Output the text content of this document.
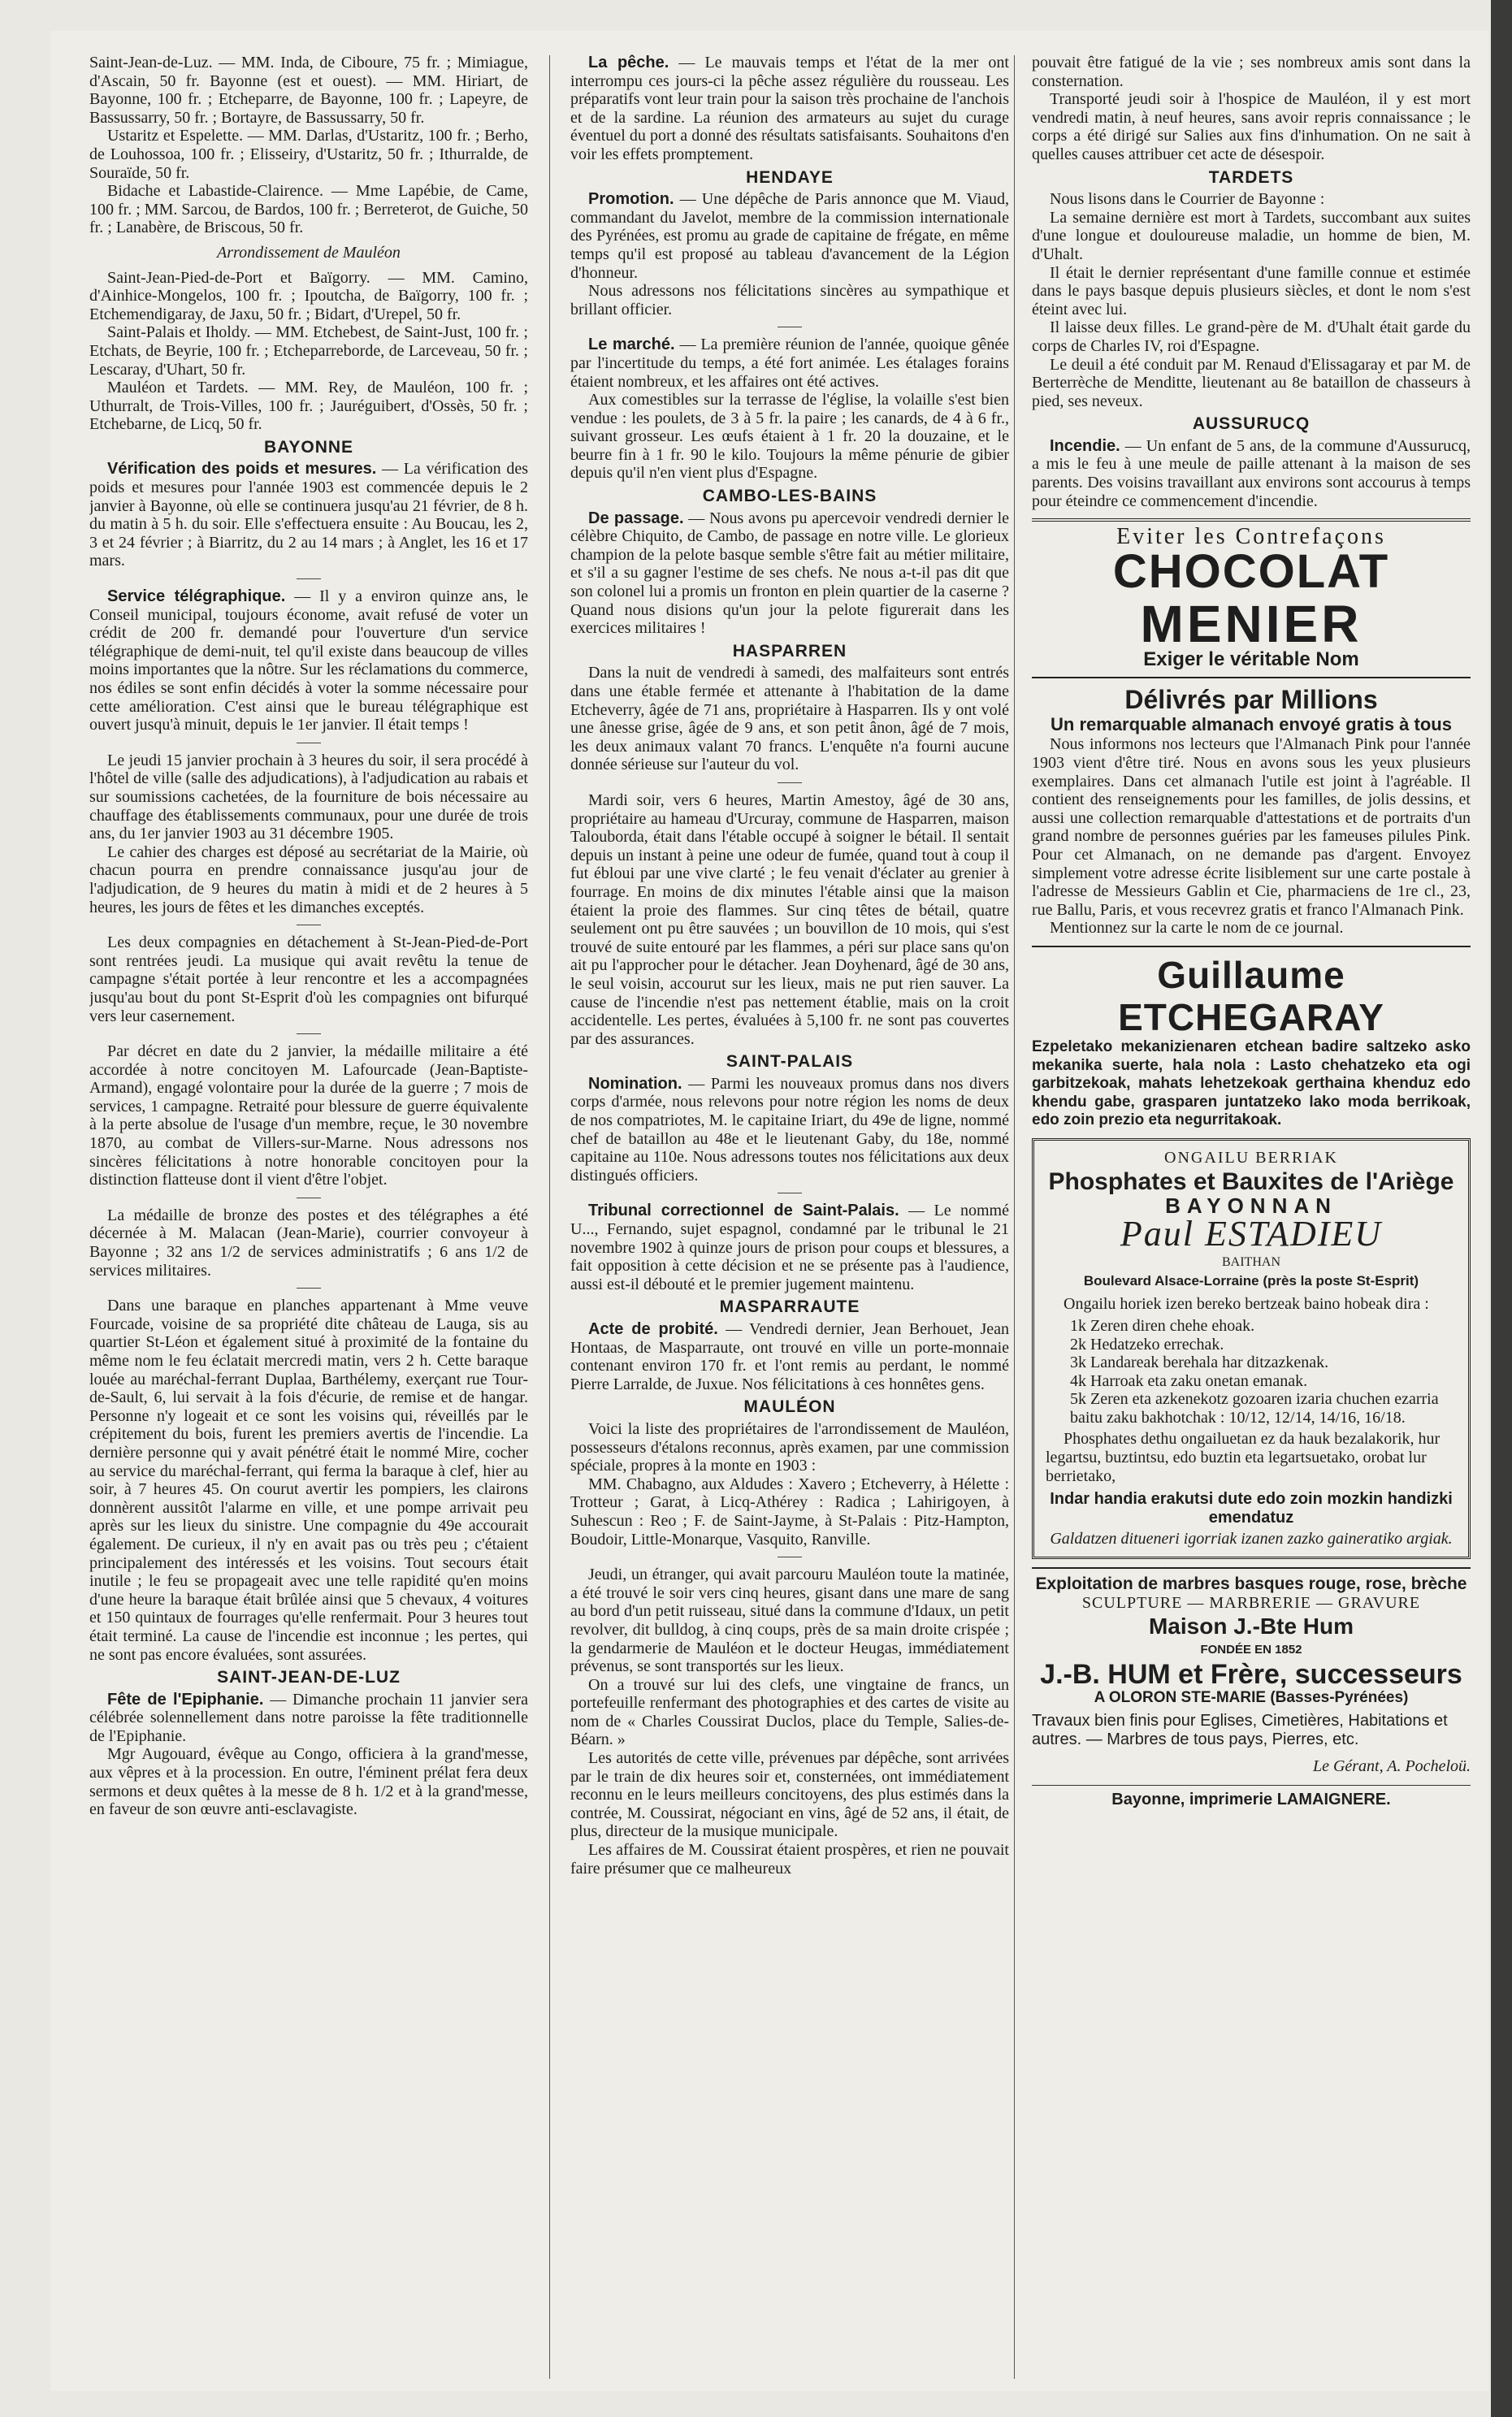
Saint-Jean-de-Luz. — MM. Inda, de Ciboure, 75 fr. ; Mimiague, d'Ascain, 50 fr. Bayonne (est et ouest). — MM. Hiriart, de Bayonne, 100 fr. ; Etcheparre, de Bayonne, 100 fr. ; Lapeyre, de Bassussarry, 50 fr. ; Bortayre, de Bassussarry, 50 fr.

Ustaritz et Espelette. — MM. Darlas, d'Ustaritz, 100 fr. ; Berho, de Louhossoa, 100 fr. ; Elisseiry, d'Ustaritz, 50 fr. ; Ithurralde, de Souraïde, 50 fr.

Bidache et Labastide-Clairence. — Mme Lapébie, de Came, 100 fr. ; MM. Sarcou, de Bardos, 100 fr. ; Berreterot, de Guiche, 50 fr. ; Lanabère, de Briscous, 50 fr.

Arrondissement de Mauléon

Saint-Jean-Pied-de-Port et Baïgorry. — MM. Camino, d'Ainhice-Mongelos, 100 fr. ; Ipoutcha, de Baïgorry, 100 fr. ; Etchemendigaray, de Jaxu, 50 fr. ; Bidart, d'Urepel, 50 fr.

Saint-Palais et Iholdy. — MM. Etchebest, de Saint-Just, 100 fr. ; Etchats, de Beyrie, 100 fr. ; Etcheparreborde, de Larceveau, 50 fr. ; Lescaray, d'Uhart, 50 fr.

Mauléon et Tardets. — MM. Rey, de Mauléon, 100 fr. ; Uthurralt, de Trois-Villes, 100 fr. ; Jauréguibert, d'Ossès, 50 fr. ; Etchebarne, de Licq, 50 fr.

BAYONNE

Vérification des poids et mesures. — La vérification des poids et mesures pour l'année 1903 est commencée depuis le 2 janvier à Bayonne, où elle se continuera jusqu'au 21 février, de 8 h. du matin à 5 h. du soir. Elle s'effectuera ensuite : Au Boucau, les 2, 3 et 24 février ; à Biarritz, du 2 au 14 mars ; à Anglet, les 16 et 17 mars.

Service télégraphique. — Il y a environ quinze ans, le Conseil municipal, toujours économe, avait refusé de voter un crédit de 200 fr. demandé pour l'ouverture d'un service télégraphique de demi-nuit, tel qu'il existe dans beaucoup de villes moins importantes que la nôtre. Sur les réclamations du commerce, nos édiles se sont enfin décidés à voter la somme nécessaire pour cette amélioration. C'est ainsi que le bureau télégraphique est ouvert jusqu'à minuit, depuis le 1er janvier. Il était temps !

Le jeudi 15 janvier prochain à 3 heures du soir, il sera procédé à l'hôtel de ville (salle des adjudications), à l'adjudication au rabais et sur soumissions cachetées, de la fourniture de bois nécessaire au chauffage des établissements communaux, pour une durée de trois ans, du 1er janvier 1903 au 31 décembre 1905.

Le cahier des charges est déposé au secrétariat de la Mairie, où chacun pourra en prendre connaissance jusqu'au jour de l'adjudication, de 9 heures du matin à midi et de 2 heures à 5 heures, les jours de fêtes et les dimanches exceptés.

Les deux compagnies en détachement à St-Jean-Pied-de-Port sont rentrées jeudi. La musique qui avait revêtu la tenue de campagne s'était portée à leur rencontre et les a accompagnées jusqu'au bout du pont St-Esprit d'où les compagnies ont bifurqué vers leur casernement.

Par décret en date du 2 janvier, la médaille militaire a été accordée à notre concitoyen M. Lafourcade (Jean-Baptiste-Armand), engagé volontaire pour la durée de la guerre ; 7 mois de services, 1 campagne. Retraité pour blessure de guerre équivalente à la perte absolue de l'usage d'un membre, reçue, le 30 novembre 1870, au combat de Villers-sur-Marne. Nous adressons nos sincères félicitations à notre honorable concitoyen pour la distinction flatteuse dont il vient d'être l'objet.

La médaille de bronze des postes et des télégraphes a été décernée à M. Malacan (Jean-Marie), courrier convoyeur à Bayonne ; 32 ans 1/2 de services administratifs ; 6 ans 1/2 de services militaires.

Dans une baraque en planches appartenant à Mme veuve Fourcade, voisine de sa propriété dite château de Lauga, sis au quartier St-Léon et également situé à proximité de la fontaine du même nom le feu éclatait mercredi matin, vers 2 h. Cette baraque louée au maréchal-ferrant Duplaa, Barthélemy, exerçant rue Tour-de-Sault, 6, lui servait à la fois d'écurie, de remise et de hangar. Personne n'y logeait et ce sont les voisins qui, réveillés par le crépitement du bois, furent les premiers avertis de l'incendie. La dernière personne qui y avait pénétré était le nommé Mire, cocher au service du maréchal-ferrant, qui ferma la baraque à clef, hier au soir, à 7 heures 45. On courut avertir les pompiers, les clairons donnèrent aussitôt l'alarme en ville, et une pompe arrivait peu après sur les lieux du sinistre. Une compagnie du 49e accourait également. De curieux, il n'y en avait pas ou très peu ; c'étaient principalement des intéressés et les voisins. Tout secours était inutile ; le feu se propageait avec une telle rapidité qu'en moins d'une heure la baraque était brûlée ainsi que 5 chevaux, 4 voitures et 150 quintaux de fourrages qu'elle renfermait. Pour 3 heures tout était terminé. La cause de l'incendie est inconnue ; les pertes, qui ne sont pas encore évaluées, sont assurées.

SAINT-JEAN-DE-LUZ

Fête de l'Epiphanie. — Dimanche prochain 11 janvier sera célébrée solennellement dans notre paroisse la fête traditionnelle de l'Epiphanie.

Mgr Augouard, évêque au Congo, officiera à la grand'messe, aux vêpres et à la procession. En outre, l'éminent prélat fera deux sermons et deux quêtes à la messe de 8 h. 1/2 et à la grand'messe, en faveur de son œuvre anti-esclavagiste.

La pêche. — Le mauvais temps et l'état de la mer ont interrompu ces jours-ci la pêche assez régulière du rousseau. Les préparatifs vont leur train pour la saison très prochaine de l'anchois et de la sardine. La réunion des armateurs au sujet du curage éventuel du port a donné des résultats satisfaisants. Souhaitons d'en voir les effets promptement.

HENDAYE

Promotion. — Une dépêche de Paris annonce que M. Viaud, commandant du Javelot, membre de la commission internationale des Pyrénées, est promu au grade de capitaine de frégate, en même temps qu'il est proposé au tableau d'avancement de la Légion d'honneur.

Nous adressons nos félicitations sincères au sympathique et brillant officier.

Le marché. — La première réunion de l'année, quoique gênée par l'incertitude du temps, a été fort animée. Les étalages forains étaient nombreux, et les affaires ont été actives.

Aux comestibles sur la terrasse de l'église, la volaille s'est bien vendue : les poulets, de 3 à 5 fr. la paire ; les canards, de 4 à 6 fr., suivant grosseur. Les œufs étaient à 1 fr. 20 la douzaine, et le beurre fin à 1 fr. 90 le kilo. Toujours la même pénurie de gibier depuis qu'il n'en vient plus d'Espagne.

CAMBO-LES-BAINS

De passage. — Nous avons pu apercevoir vendredi dernier le célèbre Chiquito, de Cambo, de passage en notre ville. Le glorieux champion de la pelote basque semble s'être fait au métier militaire, et s'il a su gagner l'estime de ses chefs. Ne nous a-t-il pas dit que son colonel lui a promis un fronton en plein quartier de la caserne ? Quand nous disions qu'un jour la pelote figurerait dans les exercices militaires !

HASPARREN

Dans la nuit de vendredi à samedi, des malfaiteurs sont entrés dans une étable fermée et attenante à l'habitation de la dame Etcheverry, âgée de 71 ans, propriétaire à Hasparren. Ils y ont volé une ânesse grise, âgée de 9 ans, et son petit ânon, âgé de 7 mois, les deux animaux valant 70 francs. L'enquête n'a fourni aucune donnée sérieuse sur l'auteur du vol.

Mardi soir, vers 6 heures, Martin Amestoy, âgé de 30 ans, propriétaire au hameau d'Urcuray, commune de Hasparren, maison Talouborda, était dans l'étable occupé à soigner le bétail. Il sentait depuis un instant à peine une odeur de fumée, quand tout à coup il fut ébloui par une vive clarté ; le feu venait d'éclater au grenier à fourrage. En moins de dix minutes l'étable ainsi que la maison étaient la proie des flammes. Sur cinq têtes de bétail, quatre seulement ont pu être sauvées ; un bouvillon de 10 mois, qui s'est trouvé de suite entouré par les flammes, a péri sur place sans qu'on ait pu l'approcher pour le détacher. Jean Doyhenard, âgé de 30 ans, le seul voisin, accourut sur les lieux, mais ne put rien sauver. La cause de l'incendie n'est pas nettement établie, mais on la croit accidentelle. Les pertes, évaluées à 5,100 fr. ne sont pas couvertes par des assurances.

SAINT-PALAIS

Nomination. — Parmi les nouveaux promus dans nos divers corps d'armée, nous relevons pour notre région les noms de deux de nos compatriotes, M. le capitaine Iriart, du 49e de ligne, nommé chef de bataillon au 48e et le lieutenant Gaby, du 18e, nommé capitaine au 110e. Nous adressons toutes nos félicitations aux deux distingués officiers.

Tribunal correctionnel de Saint-Palais. — Le nommé U..., Fernando, sujet espagnol, condamné par le tribunal le 21 novembre 1902 à quinze jours de prison pour coups et blessures, a fait opposition à cette décision et ne se présente pas à l'audience, aussi est-il débouté et le premier jugement maintenu.

MASPARRAUTE

Acte de probité. — Vendredi dernier, Jean Berhouet, Jean Hontaas, de Masparraute, ont trouvé en ville un porte-monnaie contenant environ 170 fr. et l'ont remis au perdant, le nommé Pierre Larralde, de Juxue. Nos félicitations à ces honnêtes gens.

MAULÉON

Voici la liste des propriétaires de l'arrondissement de Mauléon, possesseurs d'étalons reconnus, après examen, par une commission spéciale, propres à la monte en 1903 :

MM. Chabagno, aux Aldudes : Xavero ; Etcheverry, à Hélette : Trotteur ; Garat, à Licq-Athérey : Radica ; Lahirigoyen, à Suhescun : Reo ; F. de Saint-Jayme, à St-Palais : Pitz-Hampton, Boudoir, Little-Monarque, Vasquito, Ranville.

Jeudi, un étranger, qui avait parcouru Mauléon toute la matinée, a été trouvé le soir vers cinq heures, gisant dans une mare de sang au bord d'un petit ruisseau, situé dans la commune d'Idaux, un petit revolver, dit bulldog, à cinq coups, près de sa main droite crispée ; la gendarmerie de Mauléon et le docteur Heugas, immédiatement prévenus, se sont transportés sur les lieux.

On a trouvé sur lui des clefs, une vingtaine de francs, un portefeuille renfermant des photographies et des cartes de visite au nom de « Charles Coussirat Duclos, place du Temple, Salies-de-Béarn. »

Les autorités de cette ville, prévenues par dépêche, sont arrivées par le train de dix heures soir et, consternées, ont immédiatement reconnu en le leurs meilleurs concitoyens, des plus estimés dans la contrée, M. Coussirat, négociant en vins, âgé de 52 ans, il était, de plus, directeur de la musique municipale.

Les affaires de M. Coussirat étaient prospères, et rien ne pouvait faire présumer que ce malheureux

pouvait être fatigué de la vie ; ses nombreux amis sont dans la consternation.

Transporté jeudi soir à l'hospice de Mauléon, il y est mort vendredi matin, à neuf heures, sans avoir repris connaissance ; le corps a été dirigé sur Salies aux fins d'inhumation. On ne sait à quelles causes attribuer cet acte de désespoir.

TARDETS

Nous lisons dans le Courrier de Bayonne :

La semaine dernière est mort à Tardets, succombant aux suites d'une longue et douloureuse maladie, un homme de bien, M. d'Uhalt.

Il était le dernier représentant d'une famille connue et estimée dans le pays basque depuis plusieurs siècles, et dont le nom s'est éteint avec lui.

Il laisse deux filles. Le grand-père de M. d'Uhalt était garde du corps de Charles IV, roi d'Espagne.

Le deuil a été conduit par M. Renaud d'Elissagaray et par M. de Berterrèche de Menditte, lieutenant au 8e bataillon de chasseurs à pied, ses neveux.

AUSSURUCQ

Incendie. — Un enfant de 5 ans, de la commune d'Aussurucq, a mis le feu à une meule de paille attenant à la maison de ses parents. Des voisins travaillant aux environs sont accourus à temps pour éteindre ce commencement d'incendie.

Eviter les Contrefaçons
CHOCOLAT
MENIER
Exiger le véritable Nom
Délivrés par Millions
Un remarquable almanach envoyé gratis à tous

Nous informons nos lecteurs que l'Almanach Pink pour l'année 1903 vient d'être tiré. Nous en avons sous les yeux plusieurs exemplaires. Dans cet almanach l'utile est joint à l'agréable. Il contient des renseignements pour les familles, de jolis dessins, et aussi une collection remarquable d'attestations et de portraits d'un grand nombre de personnes guéries par les fameuses pilules Pink. Pour cet Almanach, on ne demande pas d'argent. Envoyez simplement votre adresse écrite lisiblement sur une carte postale à l'adresse de Messieurs Gablin et Cie, pharmaciens de 1re cl., 23, rue Ballu, Paris, et vous recevrez gratis et franco l'Almanach Pink.

Mentionnez sur la carte le nom de ce journal.

Guillaume ETCHEGARAY

Ezpeletako mekanizienaren etchean badire saltzeko asko mekanika suerte, hala nola : Lasto chehatzeko eta ogi garbitzekoak, mahats lehetzekoak gerthaina khenduz edo khendu gabe, grasparen juntatzeko lako moda berrikoak, edo zoin prezio eta negurritakoak.

ONGAILU BERRIAK
Phosphates et Bauxites de l'Ariège
BAYONNAN
Paul ESTADIEU
BAITHAN
Boulevard Alsace-Lorraine (près la poste St-Esprit)

Ongailu horiek izen bereko bertzeak baino hobeak dira :

1k Zeren diren chehe ehoak.
2k Hedatzeko errechak.
3k Landareak berehala har ditzazkenak.
4k Harroak eta zaku onetan emanak.
5k Zeren eta azkenekotz gozoaren izaria chuchen ezarria baitu zaku bakhotchak : 10/12, 12/14, 14/16, 16/18.

Phosphates dethu ongailuetan ez da hauk bezalakorik, hur legartsu, buztintsu, edo buztin eta legartsuetako, orobat lur berrietako,

Indar handia erakutsi dute edo zoin mozkin handizki emendatuz
Galdatzen ditueneri igorriak izanen zazko gaineratiko argiak.
Exploitation de marbres basques rouge, rose, brèche
SCULPTURE — MARBRERIE — GRAVURE
Maison J.-Bte Hum
FONDÉE EN 1852
J.-B. HUM et Frère, successeurs
A OLORON STE-MARIE (Basses-Pyrénées)

Travaux bien finis pour Eglises, Cimetières, Habitations et autres. — Marbres de tous pays, Pierres, etc.

Le Gérant, A. Pocheloü.
Bayonne, imprimerie LAMAIGNERE.
